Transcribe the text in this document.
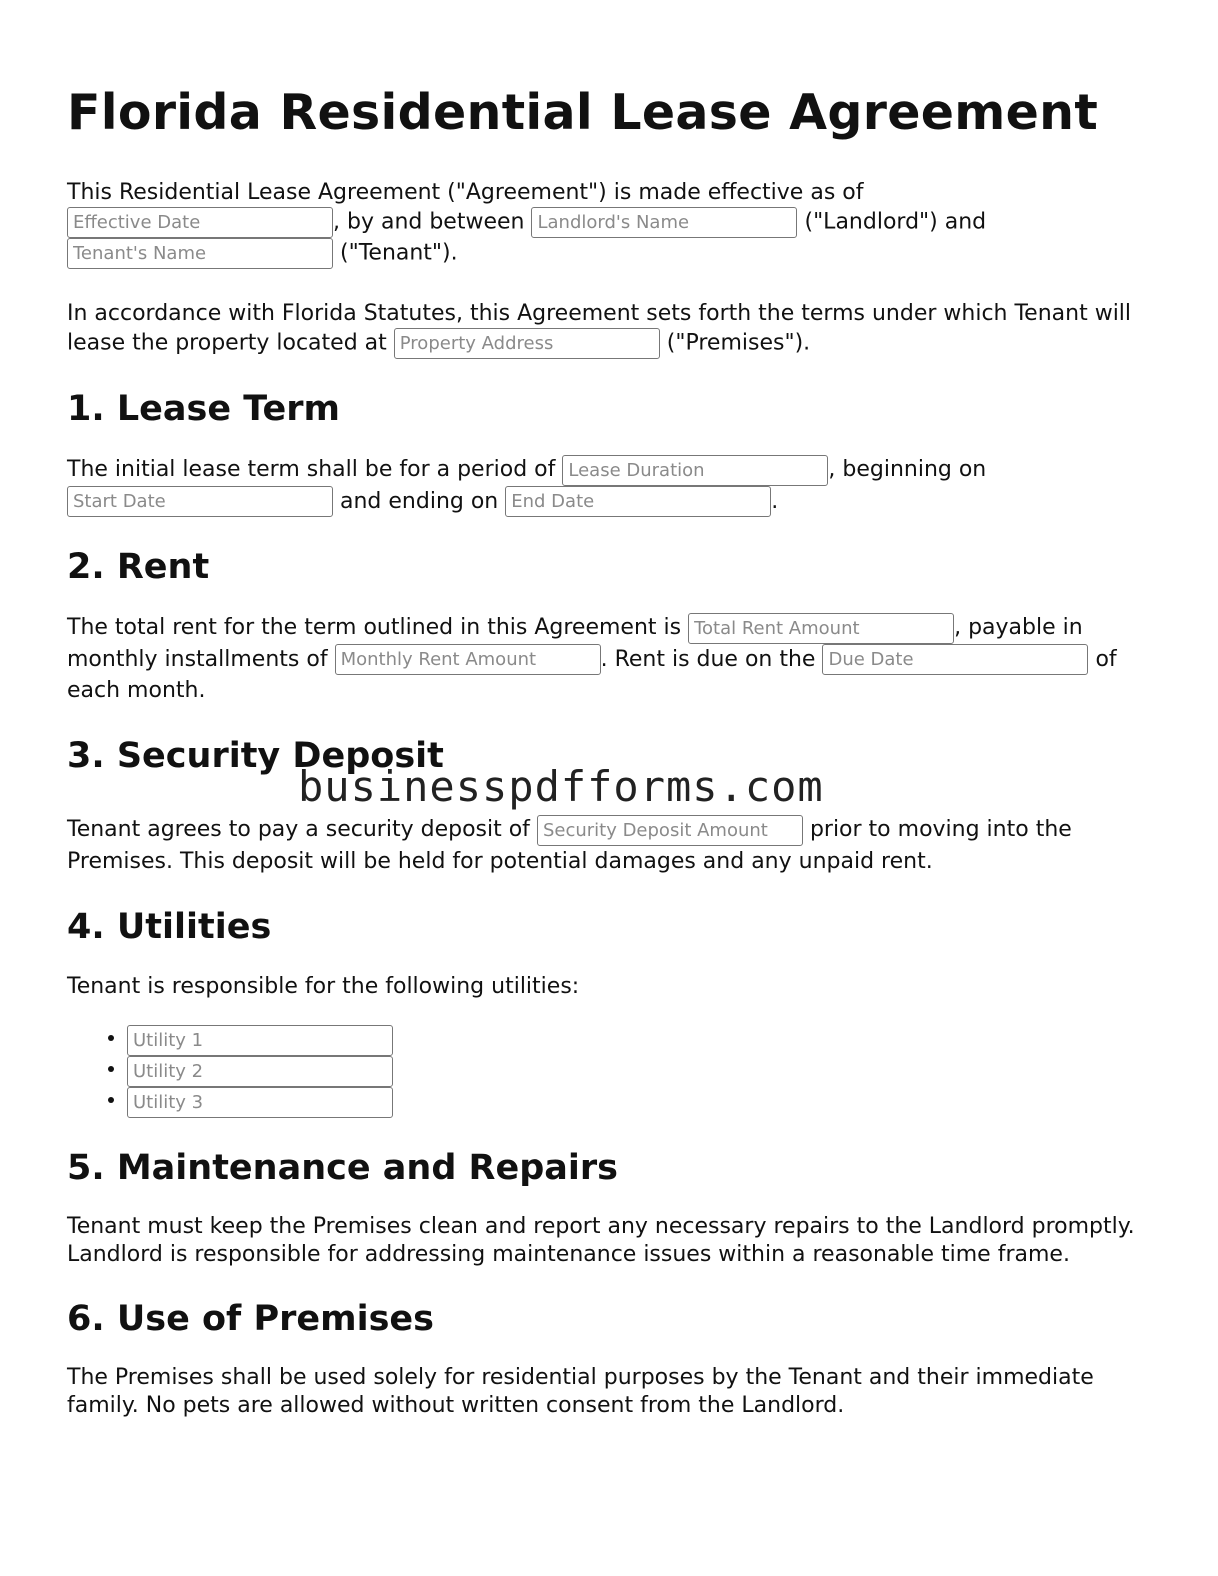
Florida Residential Lease Agreement

This Residential Lease Agreement ("Agreement") is made effective as of
Effective Date, by and between Landlord's Name	("Landlord") and
Tenant's Name ("Tenant").

In accordance with Florida Statutes, this Agreement sets forth the terms under which Tenant will lease the property located at Property Address	("Premises").

1. Lease Term

The initial lease term shall be for a period of Lease Duration	, beginning on
Start Date and ending on End Date	.

2. Rent

The total rent for the term outlined in this Agreement is Total Rent Amount	, payable in monthly installments of Monthly Rent Amount	. Rent is due on the Due Date	of each month.

3. Security Deposit

Tenant agrees to pay a security deposit of Security Deposit Amount	prior to moving into the Premises. This deposit will be held for potential damages and any unpaid rent.

4. Utilities

Tenant is responsible for the following utilities:

• Utility 1
• Utility 2
• Utility 3
5. Maintenance and Repairs

Tenant must keep the Premises clean and report any necessary repairs to the Landlord promptly. Landlord is responsible for addressing maintenance issues within a reasonable time frame.

6. Use of Premises

The Premises shall be used solely for residential purposes by the Tenant and their immediate family. No pets are allowed without written consent from the Landlord.

businesspdfforms.com
